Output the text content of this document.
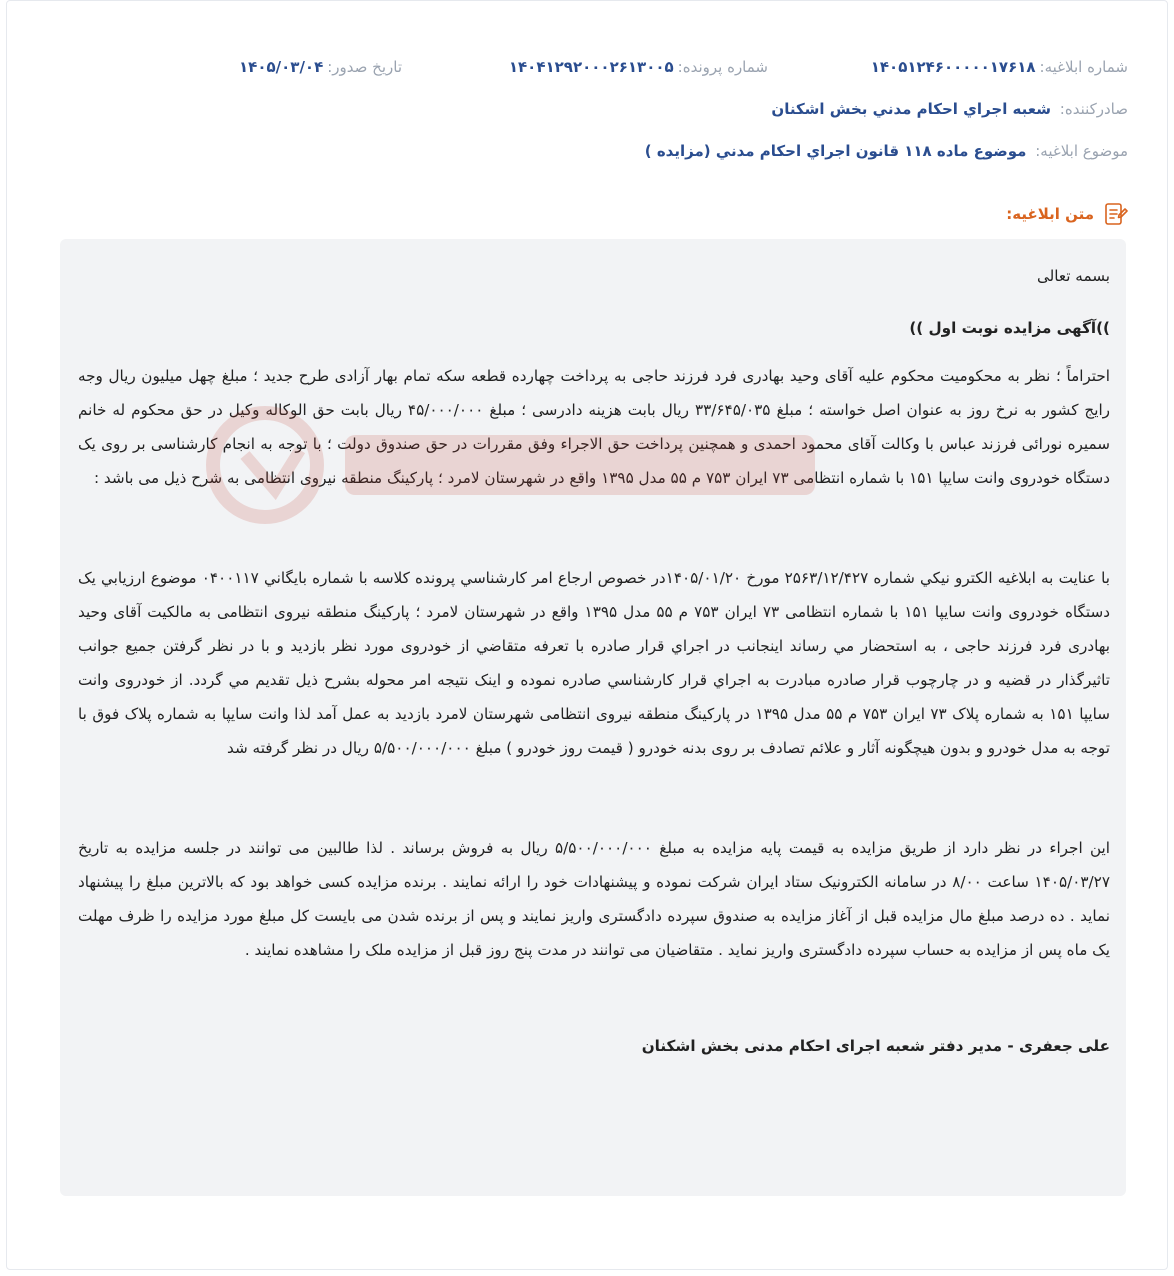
شماره ابلاغيه:
۱۴۰۵۱۲۴۶۰۰۰۰۰۱۷۶۱۸
شماره پرونده:
۱۴۰۴۱۲۹۲۰۰۰۲۶۱۳۰۰۵
تاريخ صدور:
۱۴۰۵/۰۳/۰۴
صادرکننده: شعبه اجراي احكام مدني بخش اشكنان
موضوع ابلاغيه: موضوع ماده ۱۱۸ قانون اجراي احكام مدني (مزايده )
متن ابلاغيه:

بسمه تعالی

))آگهی مزایده نوبت اول ))

احتراماً ؛ نظر به محکومیت محکوم علیه آقای وحید بهادری فرد فرزند حاجی به پرداخت چهارده قطعه سکه تمام بهار آزادی طرح جدید ؛ مبلغ چهل میلیون ریال وجه رایج کشور به نرخ روز به عنوان اصل خواسته ؛ مبلغ ۳۳/۶۴۵/۰۳۵ ریال بابت هزینه دادرسی ؛ مبلغ ۴۵/۰۰۰/۰۰۰ ریال بابت حق الوکاله وکیل در حق محکوم له خانم سمیره نورائی فرزند عباس با وکالت آقای محمود احمدی و همچنین پرداخت حق الاجراء وفق مقررات در حق صندوق دولت ؛ با توجه به انجام کارشناسی بر روی یک دستگاه خودروی وانت سایپا ۱۵۱ با شماره انتظامی ۷۳ ایران ۷۵۳ م ۵۵ مدل ۱۳۹۵ واقع در شهرستان لامرد ؛ پارکینگ منطقه نیروی انتظامی به شرح ذیل می باشد :

با عنايت به ابلاغيه الكترو نيكي شماره ۲۵۶۳/۱۲/۴۲۷ مورخ ۱۴۰۵/۰۱/۲۰در خصوص ارجاع امر كارشناسي پرونده كلاسه با شماره بايگاني ۰۴۰۰۱۱۷ موضوع ارزيابي يک دستگاه خودروی وانت سایپا ۱۵۱ با شماره انتظامی ۷۳ ایران ۷۵۳ م ۵۵ مدل ۱۳۹۵ واقع در شهرستان لامرد ؛ پارکینگ منطقه نیروی انتظامی به مالکیت آقای وحید بهادری فرد فرزند حاجی ، به استحضار مي رساند اينجانب در اجراي قرار صادره با تعرفه متقاضي از خودروی مورد نظر بازديد و با در نظر گرفتن جميع جوانب تاثيرگذار در قضيه و در چارچوب قرار صادره مبادرت به اجراي قرار كارشناسي صادره نموده و اينک نتيجه امر محوله بشرح ذيل تقديم مي گردد. از خودروی وانت سایپا ۱۵۱ به شماره پلاک ۷۳ ایران ۷۵۳ م ۵۵ مدل ۱۳۹۵ در پارکینگ منطقه نیروی انتظامی شهرستان لامرد بازدید به عمل آمد لذا وانت سایپا به شماره پلاک فوق با توجه به مدل خودرو و بدون هیچگونه آثار و علائم تصادف بر روی بدنه خودرو ( قیمت روز خودرو ) مبلغ ۵/۵۰۰/۰۰۰/۰۰۰ ریال در نظر گرفته شد

این اجراء در نظر دارد از طریق مزایده به قیمت پایه مزایده به مبلغ ۵/۵۰۰/۰۰۰/۰۰۰ ریال به فروش برساند . لذا طالبین می توانند در جلسه مزایده به تاریخ ۱۴۰۵/۰۳/۲۷ ساعت ۸/۰۰ در سامانه الکترونیک ستاد ایران شرکت نموده و پیشنهادات خود را ارائه نمایند . برنده مزایده کسی خواهد بود که بالاترین مبلغ را پیشنهاد نماید . ده درصد مبلغ مال مزایده قبل از آغاز مزایده به صندوق سپرده دادگستری واریز نمایند و پس از برنده شدن می بایست کل مبلغ مورد مزایده را ظرف مهلت یک ماه پس از مزایده به حساب سپرده دادگستری واریز نماید . متقاضیان می توانند در مدت پنج روز قبل از مزایده ملک را مشاهده نمایند .

علی جعفری - مدیر دفتر شعبه اجرای احکام مدنی بخش اشکنان
